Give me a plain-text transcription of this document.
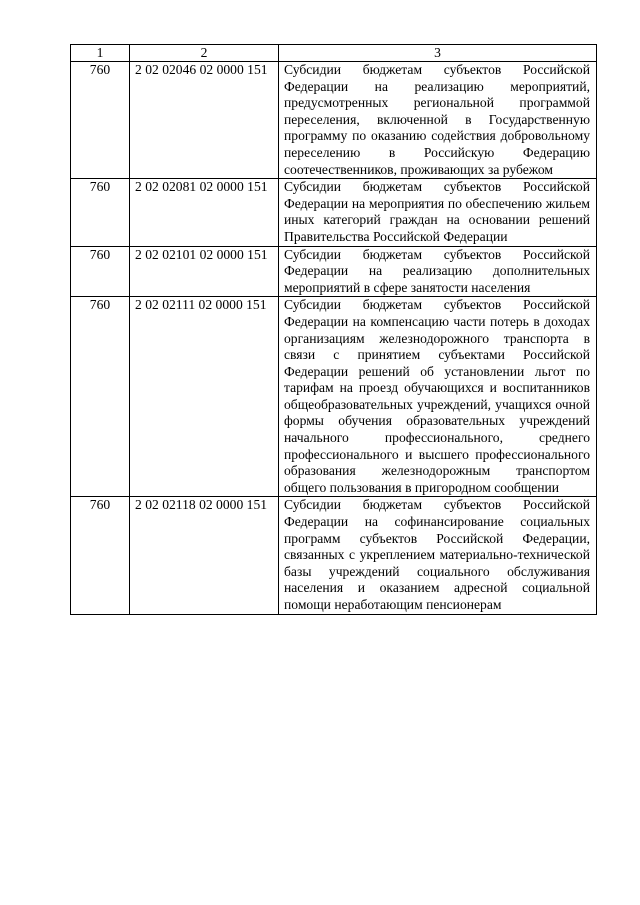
1	2	3
760	2 02 02046 02 0000 151	Субсидии бюджетам субъектов Российской Федерации на реализацию мероприятий, предусмотренных региональной программой переселения, включенной в Государственную программу по оказанию содействия добровольному переселению в Российскую Федерацию соотечественников, проживающих за рубежом
760	2 02 02081 02 0000 151	Субсидии бюджетам субъектов Российской Федерации на мероприятия по обеспечению жильем иных категорий граждан на основании решений Правительства Российской Федерации
760	2 02 02101 02 0000 151	Субсидии бюджетам субъектов Российской Федерации на реализацию дополнительных мероприятий в сфере занятости населения
760	2 02 02111 02 0000 151	Субсидии бюджетам субъектов Российской Федерации на компенсацию части потерь в доходах организациям железнодорожного транспорта в связи с принятием субъектами Российской Федерации решений об установлении льгот по тарифам на проезд обучающихся и воспитанников общеобразовательных учреждений, учащихся очной формы обучения образовательных учреждений начального профессионального, среднего профессионального и высшего профессионального образования железнодорожным транспортом общего пользования в пригородном сообщении
760	2 02 02118 02 0000 151	Субсидии бюджетам субъектов Российской Федерации на софинансирование социальных программ субъектов Российской Федерации, связанных с укреплением материально-технической базы учреждений социального обслуживания населения и оказанием адресной социальной помощи неработающим пенсионерам
